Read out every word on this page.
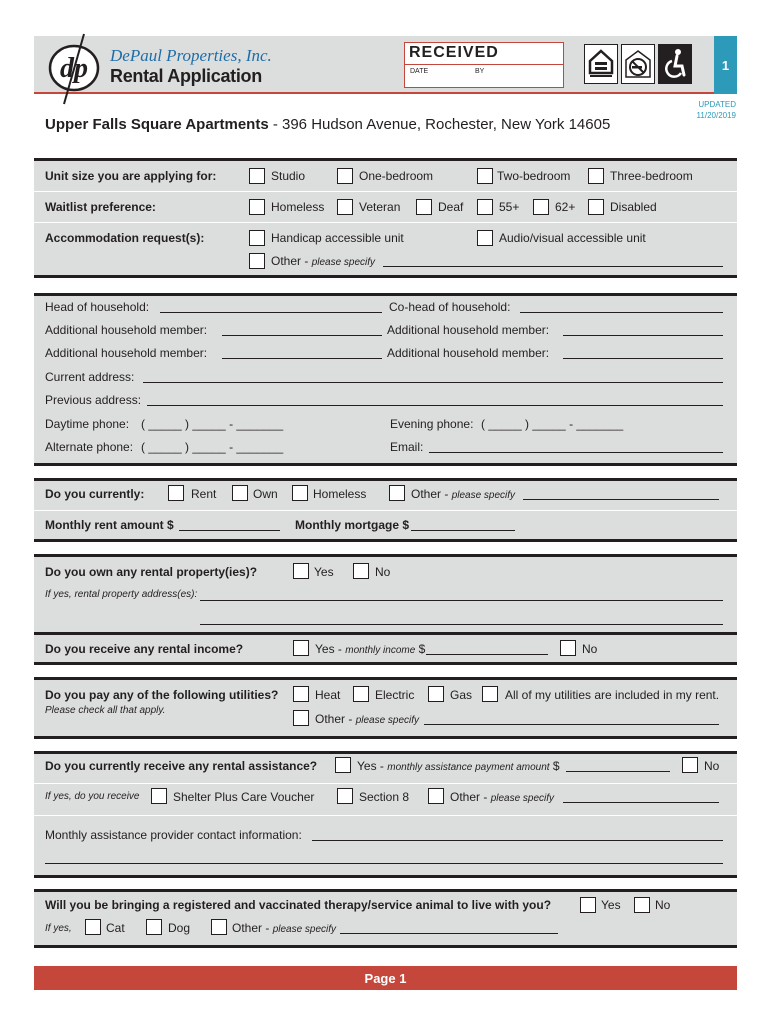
dp DePaul Properties, Inc.
Rental Application
RECEIVED
DATE	BY	1
UPDATED
11/20/2019
Upper Falls Square Apartments - 396 Hudson Avenue, Rochester, New York 14605
Unit size you are applying for:	Studio	One-bedroom	Two-bedroom	Three-bedroom
Waitlist preference:	Homeless	Veteran	Deaf	55+	62+	Disabled
Accommodation request(s):	Handicap accessible unit	Audio/visual accessible unit
Other - please specify
Head of household:	Co-head of household:
Additional household member:	Additional household member:
Additional household member:	Additional household member:
Current address:
Previous address:
Daytime phone: ( _____ ) _____ - _______	Evening phone: ( _____ ) _____ - _______
Alternate phone: ( _____ ) _____ - _______	Email:
Do you currently:	Rent	Own	Homeless	Other - please specify
Monthly rent amount $	Monthly mortgage $
Do you own any rental property(ies)?	Yes	No
If yes, rental property address(es):
Do you receive any rental income?	Yes - monthly income $	No
Do you pay any of the following utilities?
Please check all that apply.
Heat	Electric	Gas	All of my utilities are included in my rent.
Other - please specify
Do you currently receive any rental assistance?	Yes - monthly assistance payment amount $	No
If yes, do you receive	Shelter Plus Care Voucher	Section 8	Other - please specify
Monthly assistance provider contact information:
Will you be bringing a registered and vaccinated therapy/service animal to live with you?	Yes	No
If yes,	Cat	Dog	Other - please specify
Page 1
